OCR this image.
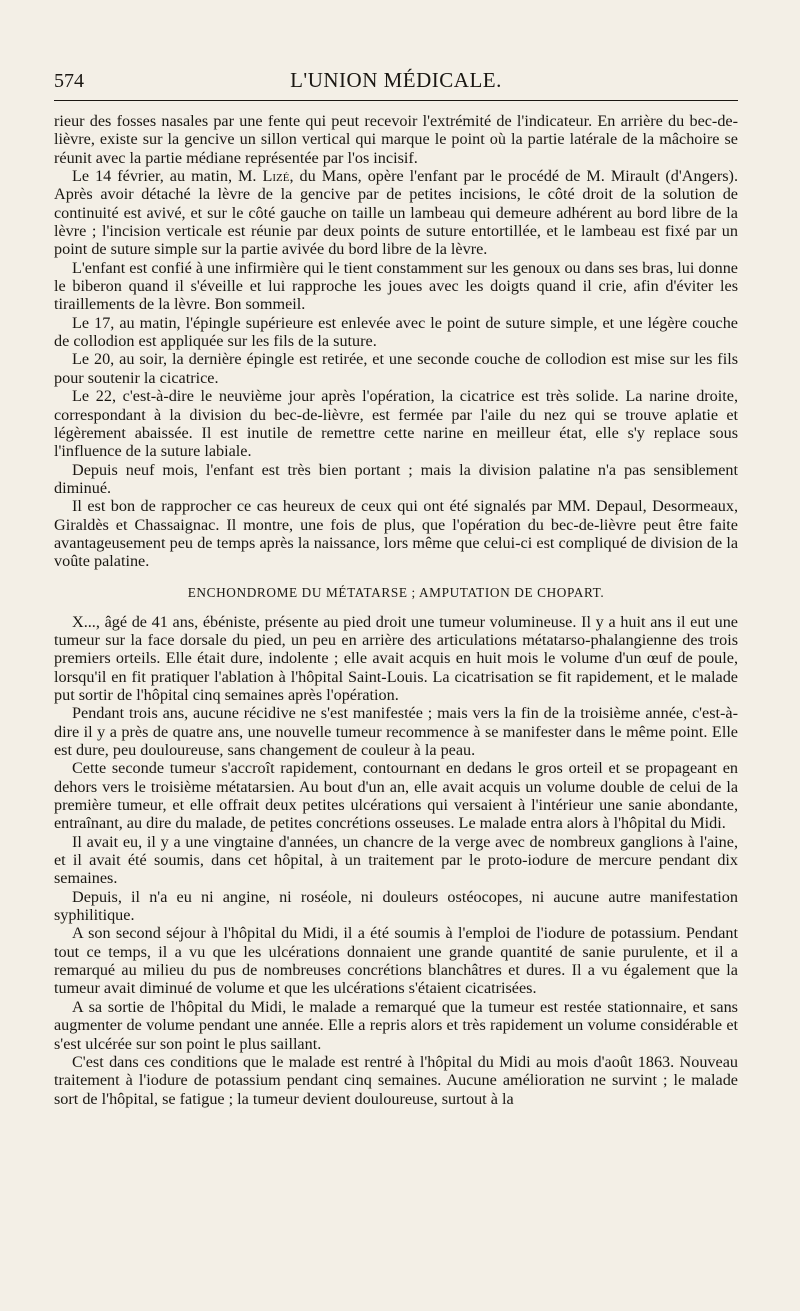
574	L'UNION MÉDICALE.

rieur des fosses nasales par une fente qui peut recevoir l'extrémité de l'indicateur. En arrière du bec-de-lièvre, existe sur la gencive un sillon vertical qui marque le point où la partie latérale de la mâchoire se réunit avec la partie médiane représentée par l'os incisif.

Le 14 février, au matin, M. Lizé, du Mans, opère l'enfant par le procédé de M. Mirault (d'Angers). Après avoir détaché la lèvre de la gencive par de petites incisions, le côté droit de la solution de continuité est avivé, et sur le côté gauche on taille un lambeau qui demeure adhérent au bord libre de la lèvre ; l'incision verticale est réunie par deux points de suture entortillée, et le lambeau est fixé par un point de suture simple sur la partie avivée du bord libre de la lèvre.

L'enfant est confié à une infirmière qui le tient constamment sur les genoux ou dans ses bras, lui donne le biberon quand il s'éveille et lui rapproche les joues avec les doigts quand il crie, afin d'éviter les tiraillements de la lèvre. Bon sommeil.

Le 17, au matin, l'épingle supérieure est enlevée avec le point de suture simple, et une légère couche de collodion est appliquée sur les fils de la suture.

Le 20, au soir, la dernière épingle est retirée, et une seconde couche de collodion est mise sur les fils pour soutenir la cicatrice.

Le 22, c'est-à-dire le neuvième jour après l'opération, la cicatrice est très solide. La narine droite, correspondant à la division du bec-de-lièvre, est fermée par l'aile du nez qui se trouve aplatie et légèrement abaissée. Il est inutile de remettre cette narine en meilleur état, elle s'y replace sous l'influence de la suture labiale.

Depuis neuf mois, l'enfant est très bien portant ; mais la division palatine n'a pas sensiblement diminué.

Il est bon de rapprocher ce cas heureux de ceux qui ont été signalés par MM. Depaul, Desormeaux, Giraldès et Chassaignac. Il montre, une fois de plus, que l'opération du bec-de-lièvre peut être faite avantageusement peu de temps après la naissance, lors même que celui-ci est compliqué de division de la voûte palatine.

ENCHONDROME DU MÉTATARSE ; AMPUTATION DE CHOPART.

X..., âgé de 41 ans, ébéniste, présente au pied droit une tumeur volumineuse. Il y a huit ans il eut une tumeur sur la face dorsale du pied, un peu en arrière des articulations métatarso-phalangienne des trois premiers orteils. Elle était dure, indolente ; elle avait acquis en huit mois le volume d'un œuf de poule, lorsqu'il en fit pratiquer l'ablation à l'hôpital Saint-Louis. La cicatrisation se fit rapidement, et le malade put sortir de l'hôpital cinq semaines après l'opération.

Pendant trois ans, aucune récidive ne s'est manifestée ; mais vers la fin de la troisième année, c'est-à-dire il y a près de quatre ans, une nouvelle tumeur recommence à se manifester dans le même point. Elle est dure, peu douloureuse, sans changement de couleur à la peau.

Cette seconde tumeur s'accroît rapidement, contournant en dedans le gros orteil et se propageant en dehors vers le troisième métatarsien. Au bout d'un an, elle avait acquis un volume double de celui de la première tumeur, et elle offrait deux petites ulcérations qui versaient à l'intérieur une sanie abondante, entraînant, au dire du malade, de petites concrétions osseuses. Le malade entra alors à l'hôpital du Midi.

Il avait eu, il y a une vingtaine d'années, un chancre de la verge avec de nombreux ganglions à l'aine, et il avait été soumis, dans cet hôpital, à un traitement par le proto-iodure de mercure pendant dix semaines.

Depuis, il n'a eu ni angine, ni roséole, ni douleurs ostéocopes, ni aucune autre manifestation syphilitique.

A son second séjour à l'hôpital du Midi, il a été soumis à l'emploi de l'iodure de potassium. Pendant tout ce temps, il a vu que les ulcérations donnaient une grande quantité de sanie purulente, et il a remarqué au milieu du pus de nombreuses concrétions blanchâtres et dures. Il a vu également que la tumeur avait diminué de volume et que les ulcérations s'étaient cicatrisées.

A sa sortie de l'hôpital du Midi, le malade a remarqué que la tumeur est restée stationnaire, et sans augmenter de volume pendant une année. Elle a repris alors et très rapidement un volume considérable et s'est ulcérée sur son point le plus saillant.

C'est dans ces conditions que le malade est rentré à l'hôpital du Midi au mois d'août 1863. Nouveau traitement à l'iodure de potassium pendant cinq semaines. Aucune amélioration ne survint ; le malade sort de l'hôpital, se fatigue ; la tumeur devient douloureuse, surtout à la
